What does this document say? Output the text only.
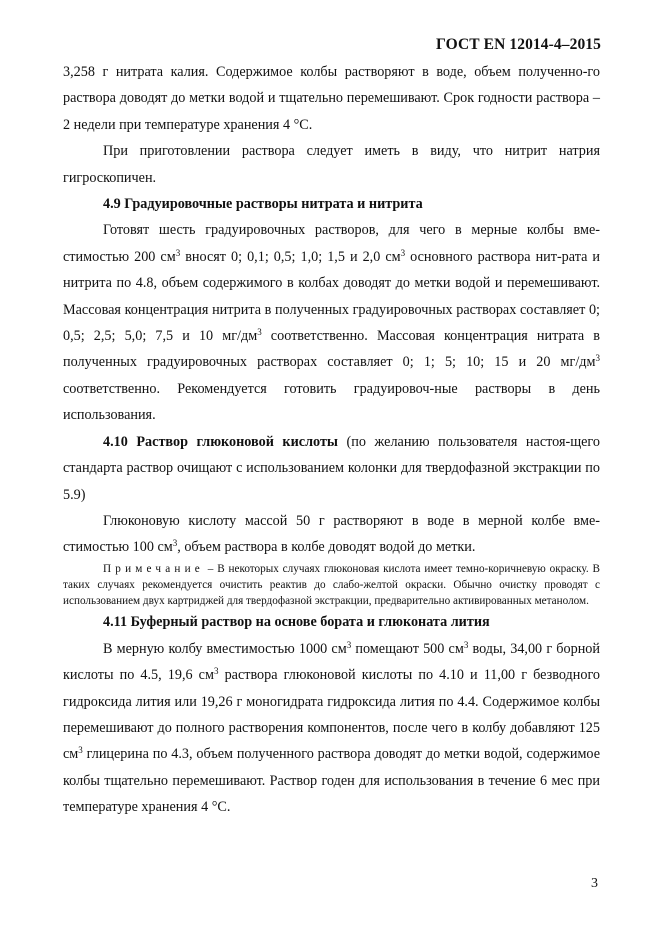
ГОСТ EN 12014-4–2015

3,258 г нитрата калия. Содержимое колбы растворяют в воде, объем полученно-го раствора доводят до метки водой и тщательно перемешивают. Срок годности раствора – 2 недели при температуре хранения 4 °C.

При приготовлении раствора следует иметь в виду, что нитрит натрия гигроскопичен.

4.9 Градуировочные растворы нитрата и нитрита

Готовят шесть градуировочных растворов, для чего в мерные колбы вме-стимостью 200 $см^3$ вносят 0; 0,1; 0,5; 1,0; 1,5 и 2,0 $см^3$ основного раствора нит-рата и нитрита по 4.8, объем содержимого в колбах доводят до метки водой и перемешивают. Массовая концентрация нитрита в полученных градуировочных растворах составляет 0; 0,5; 2,5; 5,0; 7,5 и 10 $мг/дм^3$ соответственно. Массовая концентрация нитрата в полученных градуировочных растворах составляет 0; 1; 5; 10; 15 и 20 $мг/дм^3$ соответственно. Рекомендуется готовить градуировоч-ные растворы в день использования.

4.10 Раствор глюконовой кислоты (по желанию пользователя настоя-щего стандарта раствор очищают с использованием колонки для твердофазной экстракции по 5.9)

Глюконовую кислоту массой 50 г растворяют в воде в мерной колбе вме-стимостью 100 $см^3$, объем раствора в колбе доводят водой до метки.

Примечание – В некоторых случаях глюконовая кислота имеет темно-коричневую окраску. В таких случаях рекомендуется очистить реактив до слабо-желтой окраски. Обычно очистку проводят с использованием двух картриджей для твердофазной экстракции, предварительно активированных метанолом.

4.11 Буферный раствор на основе бората и глюконата лития

В мерную колбу вместимостью 1000 $см^3$ помещают 500 $см^3$ воды, 34,00 г борной кислоты по 4.5, 19,6 $см^3$ раствора глюконовой кислоты по 4.10 и 11,00 г безводного гидроксида лития или 19,26 г моногидрата гидроксида лития по 4.4. Содержимое колбы перемешивают до полного растворения компонентов, после чего в колбу добавляют 125 $см^3$ глицерина по 4.3, объем полученного раствора доводят до метки водой, содержимое колбы тщательно перемешивают. Раствор годен для использования в течение 6 мес при температуре хранения 4 °C.

3
